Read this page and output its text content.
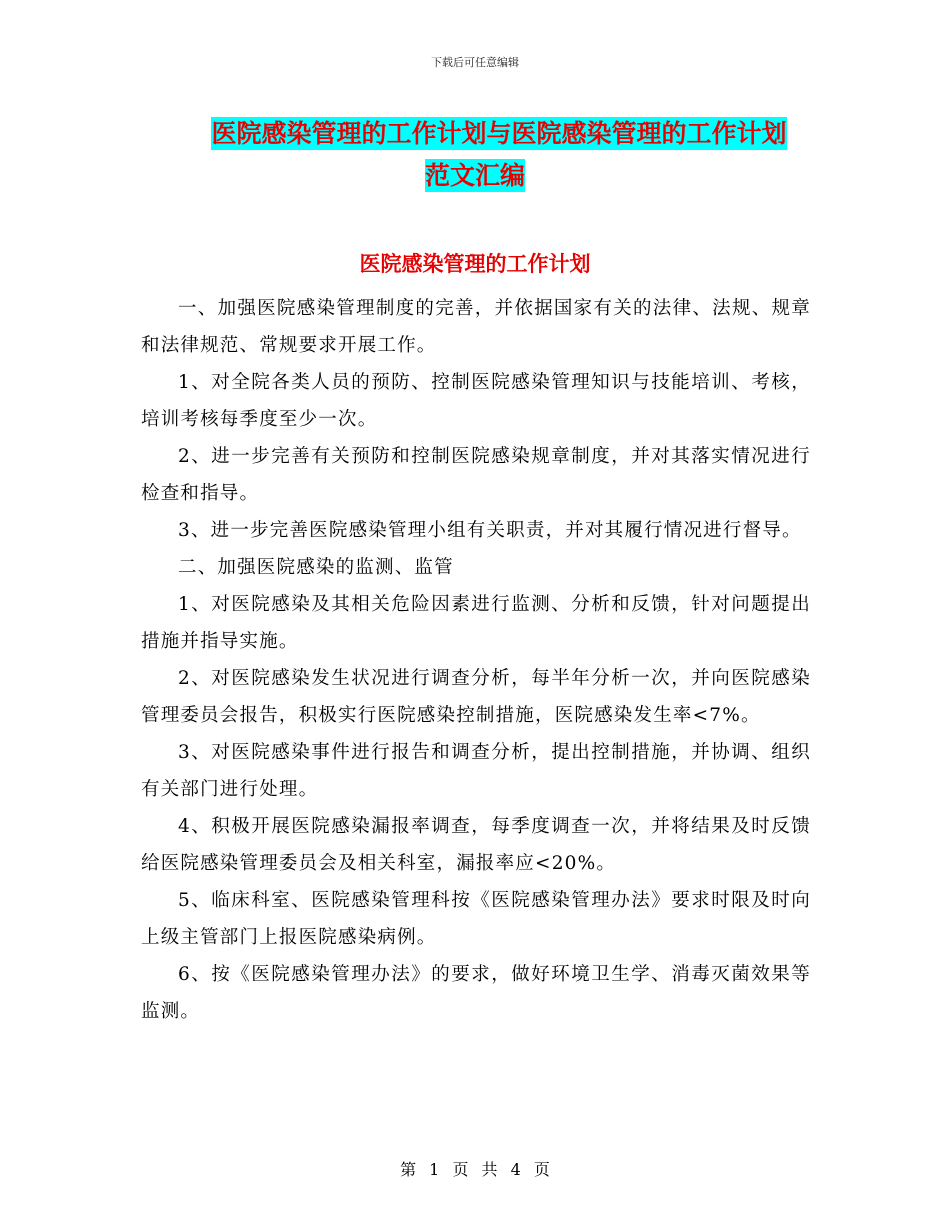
下载后可任意编辑
医院感染管理的工作计划与医院感染管理的工作计划
范文汇编
医院感染管理的工作计划

一、加强医院感染管理制度的完善，并依据国家有关的法律、法规、规章和法律规范、常规要求开展工作。

1、对全院各类人员的预防、控制医院感染管理知识与技能培训、考核，培训考核每季度至少一次。

2、进一步完善有关预防和控制医院感染规章制度，并对其落实情况进行检查和指导。

3、进一步完善医院感染管理小组有关职责，并对其履行情况进行督导。

二、加强医院感染的监测、监管

1、对医院感染及其相关危险因素进行监测、分析和反馈，针对问题提出措施并指导实施。

2、对医院感染发生状况进行调查分析，每半年分析一次，并向医院感染管理委员会报告，积极实行医院感染控制措施，医院感染发生率<7%。

3、对医院感染事件进行报告和调查分析，提出控制措施，并协调、组织有关部门进行处理。

4、积极开展医院感染漏报率调查，每季度调查一次，并将结果及时反馈给医院感染管理委员会及相关科室，漏报率应<20%。

5、临床科室、医院感染管理科按《医院感染管理办法》要求时限及时向上级主管部门上报医院感染病例。

6、按《医院感染管理办法》的要求，做好环境卫生学、消毒灭菌效果等监测。

第 1 页 共 4 页
